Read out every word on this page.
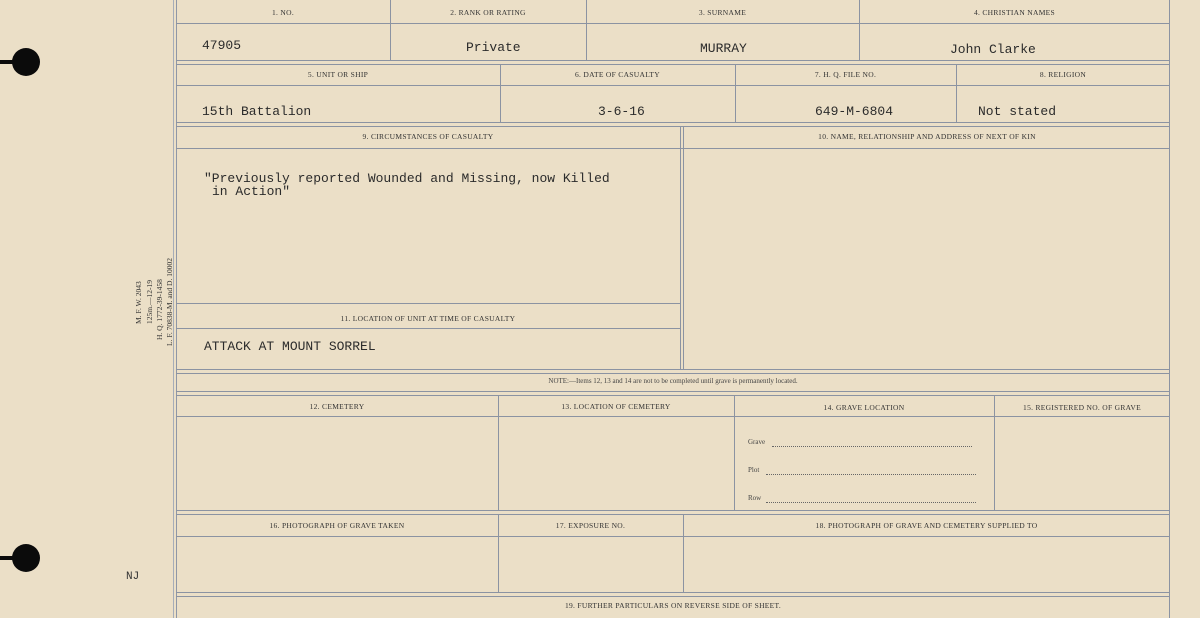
M. F. W. 2043 125m.—12-19 H. Q. 1772-39-1458 L. F. 70838-M. and D. 10002
1. NO.	2. RANK OR RATING	3. SURNAME	4. CHRISTIAN NAMES
47905	Private	MURRAY	John Clarke
5. UNIT OR SHIP	6. DATE OF CASUALTY	7. H. Q. FILE NO.	8. RELIGION
15th Battalion	3-6-16	649-M-6804	Not stated
9. CIRCUMSTANCES OF CASUALTY	10. NAME, RELATIONSHIP AND ADDRESS OF NEXT OF KIN
"Previously reported Wounded and Missing, now Killed
in Action"
11. LOCATION OF UNIT AT TIME OF CASUALTY
ATTACK AT MOUNT SORREL
NOTE:—Items 12, 13 and 14 are not to be completed until grave is permanently located.
12. CEMETERY	13. LOCATION OF CEMETERY	14. GRAVE LOCATION	15. REGISTERED NO. OF GRAVE
Grave
Plot
Row
16. PHOTOGRAPH OF GRAVE TAKEN	17. EXPOSURE NO.	18. PHOTOGRAPH OF GRAVE AND CEMETERY SUPPLIED TO
19. FURTHER PARTICULARS ON REVERSE SIDE OF SHEET.
NJ
